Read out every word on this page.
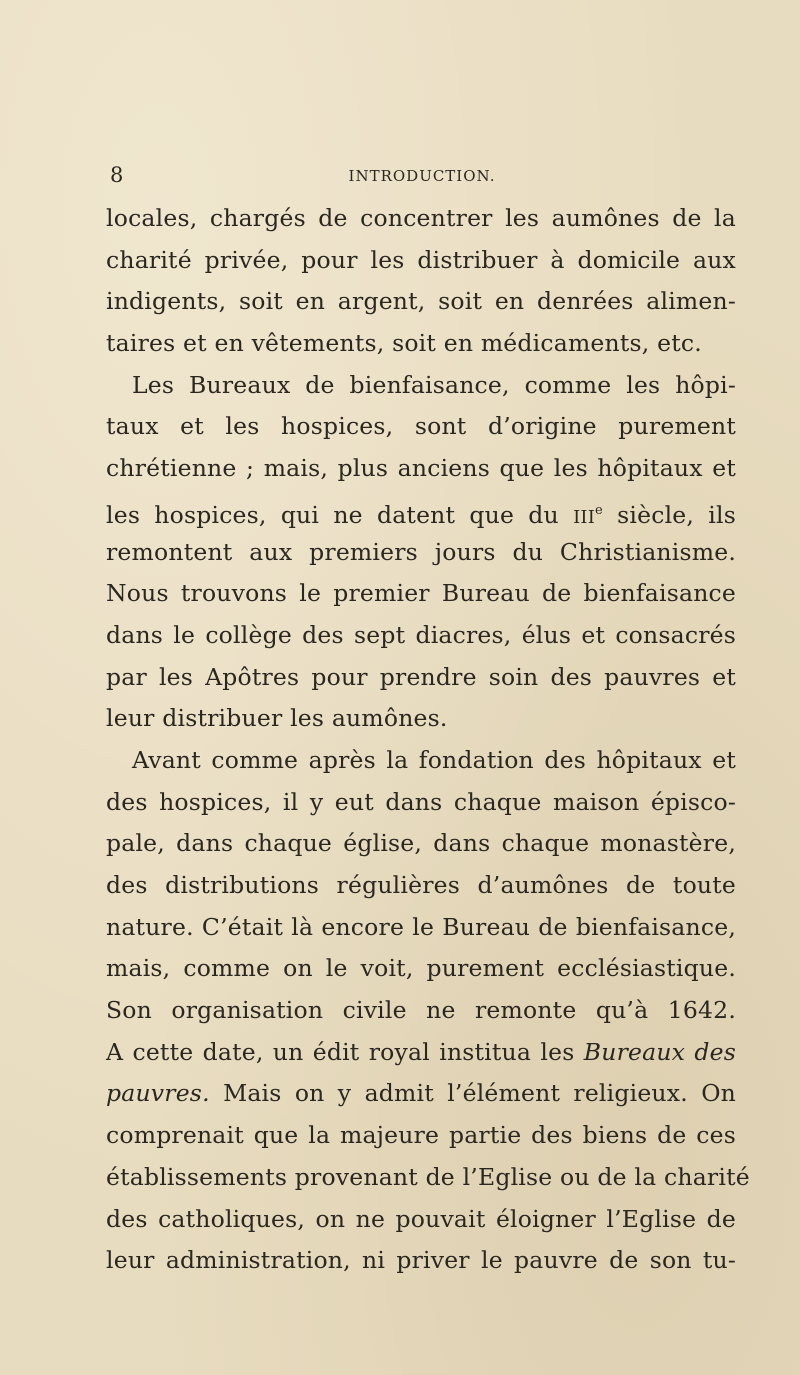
8	INTRODUCTION.
locales, chargés de concentrer les aumônes de la
charité privée, pour les distribuer à domicile aux
indigents, soit en argent, soit en denrées alimen-
taires et en vêtements, soit en médicaments, etc.
Les Bureaux de bienfaisance, comme les hôpi-
taux et les hospices, sont d’origine purement
chrétienne ; mais, plus anciens que les hôpitaux et
les hospices, qui ne datent que du IIIe siècle, ils
remontent aux premiers jours du Christianisme.
Nous trouvons le premier Bureau de bienfaisance
dans le collège des sept diacres, élus et consacrés
par les Apôtres pour prendre soin des pauvres et
leur distribuer les aumônes.
Avant comme après la fondation des hôpitaux et
des hospices, il y eut dans chaque maison épisco-
pale, dans chaque église, dans chaque monastère,
des distributions régulières d’aumônes de toute
nature. C’était là encore le Bureau de bienfaisance,
mais, comme on le voit, purement ecclésiastique.
Son organisation civile ne remonte qu’à 1642.
A cette date, un édit royal institua les Bureaux des
pauvres. Mais on y admit l’élément religieux. On
comprenait que la majeure partie des biens de ces
établissements provenant de l’Eglise ou de la charité
des catholiques, on ne pouvait éloigner l’Eglise de
leur administration, ni priver le pauvre de son tu-
